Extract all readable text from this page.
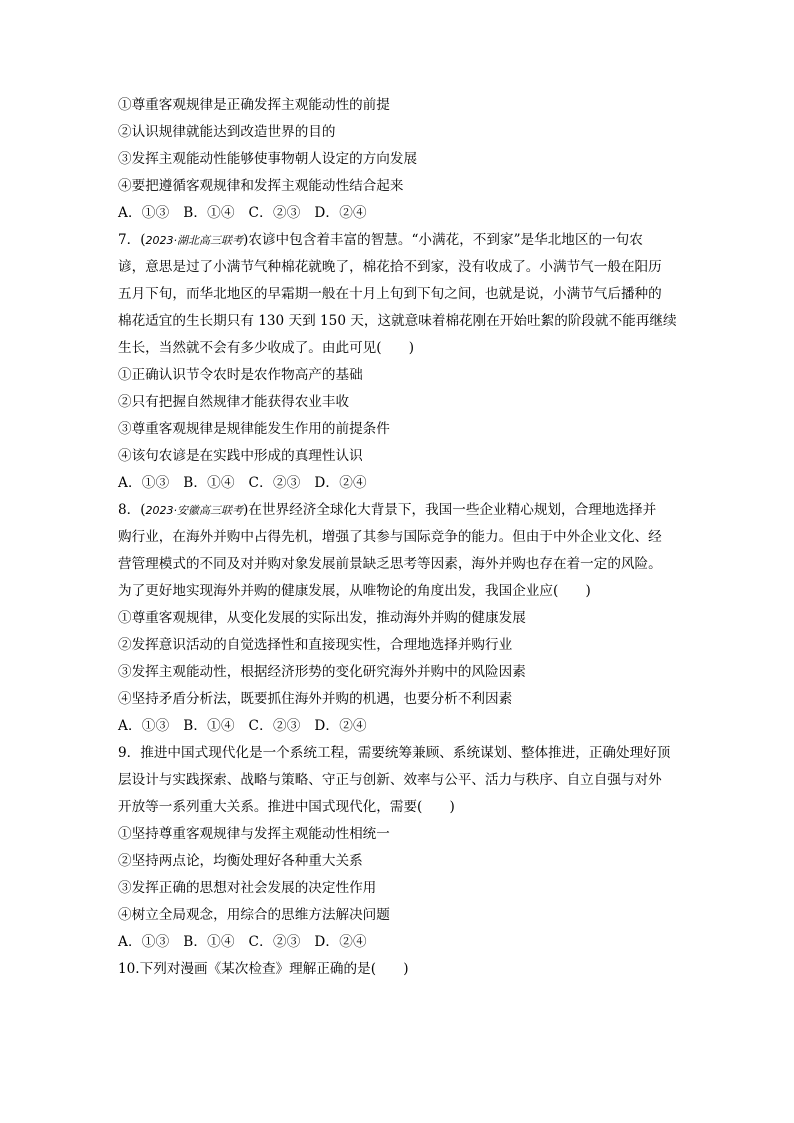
①尊重客观规律是正确发挥主观能动性的前提
②认识规律就能达到改造世界的目的
③发挥主观能动性能够使事物朝人设定的方向发展
④要把遵循客观规律和发挥主观能动性结合起来
A．①③　B．①④　C．②③　D．②④
7．(2023·湖北高三联考)农谚中包含着丰富的智慧。“小满花，不到家”是华北地区的一句农
谚，意思是过了小满节气种棉花就晚了，棉花拾不到家，没有收成了。小满节气一般在阳历
五月下旬，而华北地区的早霜期一般在十月上旬到下旬之间，也就是说，小满节气后播种的
棉花适宜的生长期只有 130 天到 150 天，这就意味着棉花刚在开始吐絮的阶段就不能再继续
生长，当然就不会有多少收成了。由此可见(　　)
①正确认识节令农时是农作物高产的基础
②只有把握自然规律才能获得农业丰收
③尊重客观规律是规律能发生作用的前提条件
④该句农谚是在实践中形成的真理性认识
A．①③　B．①④　C．②③　D．②④
8．(2023·安徽高三联考)在世界经济全球化大背景下，我国一些企业精心规划，合理地选择并
购行业，在海外并购中占得先机，增强了其参与国际竞争的能力。但由于中外企业文化、经
营管理模式的不同及对并购对象发展前景缺乏思考等因素，海外并购也存在着一定的风险。
为了更好地实现海外并购的健康发展，从唯物论的角度出发，我国企业应(　　)
①尊重客观规律，从变化发展的实际出发，推动海外并购的健康发展
②发挥意识活动的自觉选择性和直接现实性，合理地选择并购行业
③发挥主观能动性，根据经济形势的变化研究海外并购中的风险因素
④坚持矛盾分析法，既要抓住海外并购的机遇，也要分析不利因素
A．①③　B．①④　C．②③　D．②④
9．推进中国式现代化是一个系统工程，需要统筹兼顾、系统谋划、整体推进，正确处理好顶
层设计与实践探索、战略与策略、守正与创新、效率与公平、活力与秩序、自立自强与对外
开放等一系列重大关系。推进中国式现代化，需要(　　)
①坚持尊重客观规律与发挥主观能动性相统一
②坚持两点论，均衡处理好各种重大关系
③发挥正确的思想对社会发展的决定性作用
④树立全局观念，用综合的思维方法解决问题
A．①③　B．①④　C．②③　D．②④
10.下列对漫画《某次检查》理解正确的是(　　)
